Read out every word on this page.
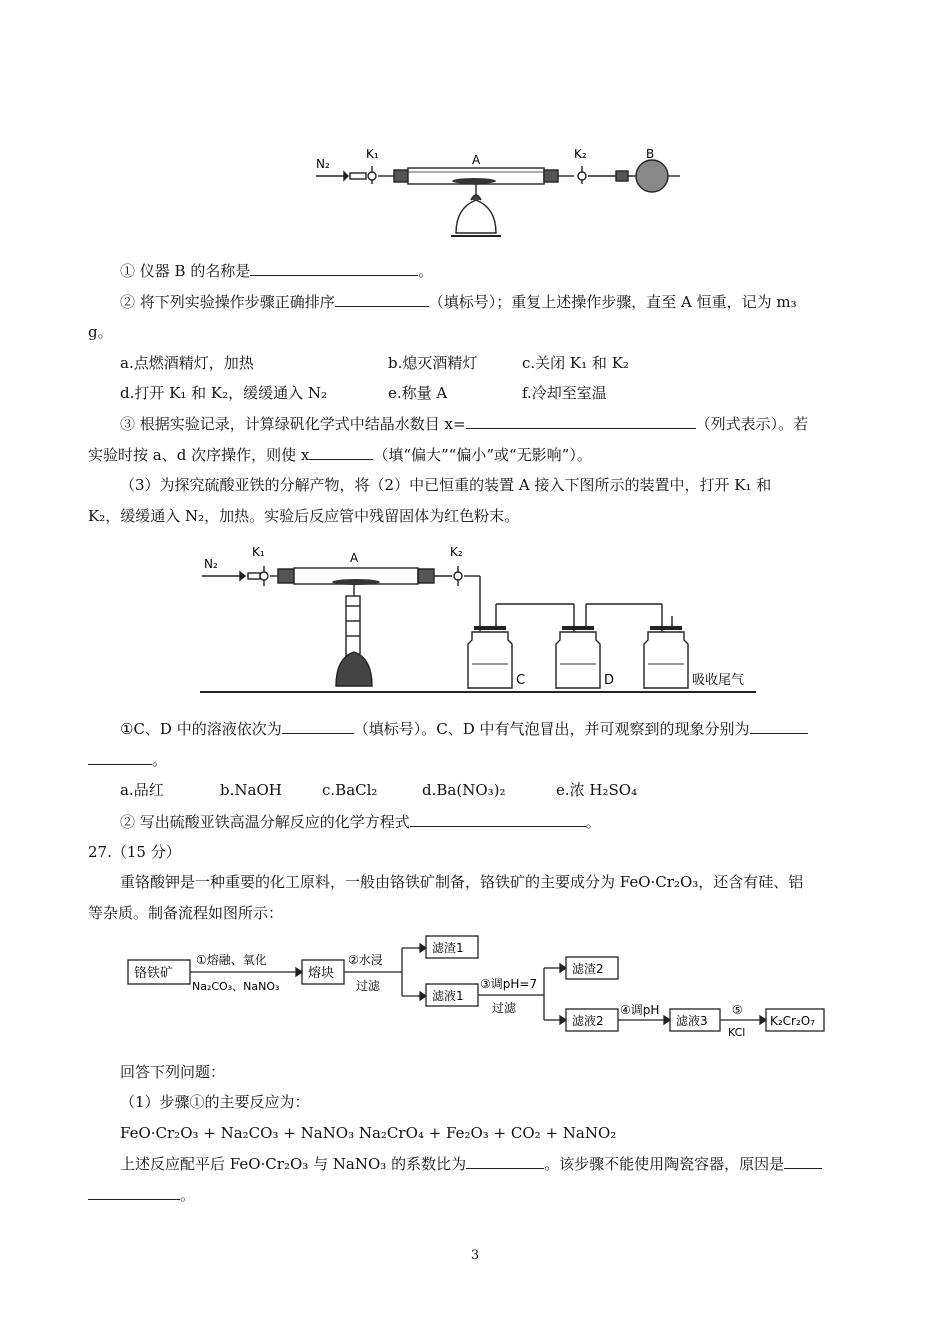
N₂
K₁	A	K₂	B
① 仪器 B 的名称是	。
② 将下列实验操作步骤正确排序	（填标号）；重复上述操作步骤，直至 A 恒重，记为 m₃
g。
a.点燃酒精灯，加热	b.熄灭酒精灯	c.关闭 K₁ 和 K₂
d.打开 K₁ 和 K₂，缓缓通入 N₂	e.称量 A	f.冷却至室温
③ 根据实验记录，计算绿矾化学式中结晶水数目 x=	（列式表示）。若
实验时按 a、d 次序操作，则使 x	（填“偏大”“偏小”或“无影响”）。
（3）为探究硫酸亚铁的分解产物，将（2）中已恒重的装置 A 接入下图所示的装置中，打开 K₁ 和
K₂，缓缓通入 N₂，加热。实验后反应管中残留固体为红色粉末。
N₂
K₁	A	K₂
C	D	吸收尾气
①C、D 中的溶液依次为	（填标号）。C、D 中有气泡冒出，并可观察到的现象分别为
。
a.品红	b.NaOH	c.BaCl₂	d.Ba(NO₃)₂	e.浓 H₂SO₄
② 写出硫酸亚铁高温分解反应的化学方程式	。
27.（15 分）
重铬酸钾是一种重要的化工原料，一般由铬铁矿制备，铬铁矿的主要成分为 FeO·Cr₂O₃，还含有硅、铝
等杂质。制备流程如图所示：
铬铁矿
①熔融、氧化
Na₂CO₃、NaNO₃
熔块
②水浸
过滤
滤渣1
滤液1
③调pH=7
过滤
滤渣2
滤液2
④调pH
滤液3
⑤
KCl
K₂Cr₂O₇
回答下列问题：
（1）步骤①的主要反应为：
FeO·Cr₂O₃ + Na₂CO₃ + NaNO₃ Na₂CrO₄ + Fe₂O₃ + CO₂ + NaNO₂
上述反应配平后 FeO·Cr₂O₃ 与 NaNO₃ 的系数比为	。该步骤不能使用陶瓷容器，原因是
。
3
